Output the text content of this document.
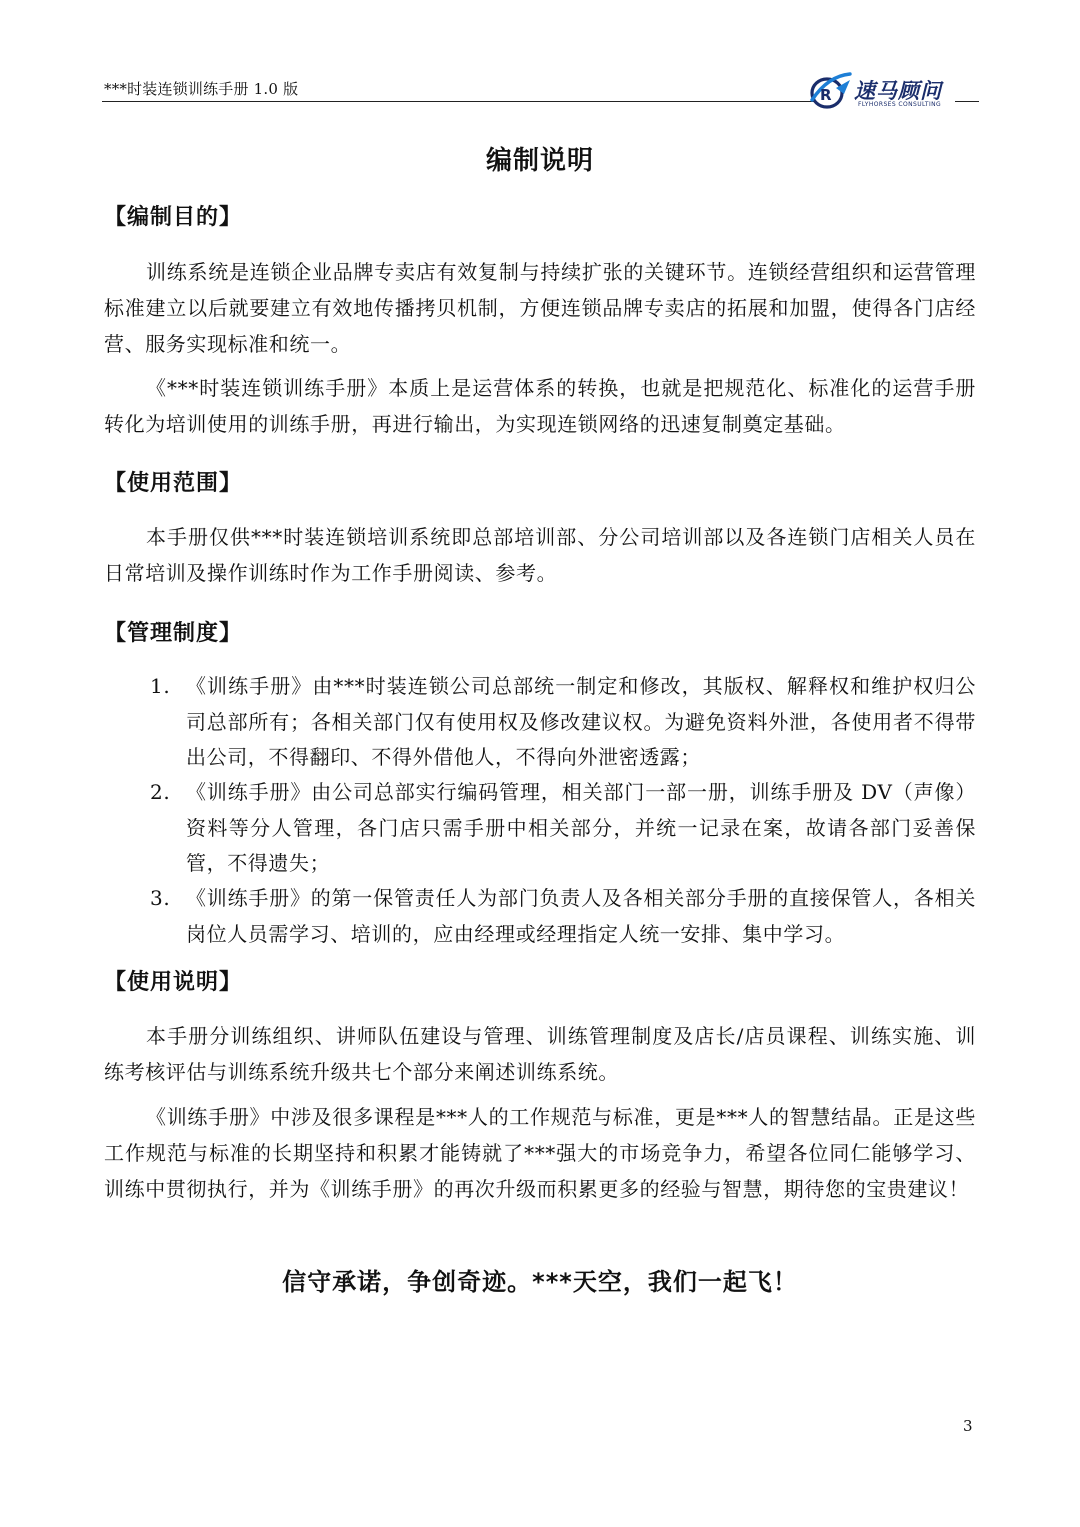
***时装连锁训练手册 1.0 版	R 速马顾问
FLYHORSES CONSULTING
编制说明
【编制目的】
训练系统是连锁企业品牌专卖店有效复制与持续扩张的关键环节。连锁经营组织和运营管理标准建立以后就要建立有效地传播拷贝机制，方便连锁品牌专卖店的拓展和加盟，使得各门店经营、服务实现标准和统一。
《***时装连锁训练手册》本质上是运营体系的转换，也就是把规范化、标准化的运营手册转化为培训使用的训练手册，再进行输出，为实现连锁网络的迅速复制奠定基础。
【使用范围】
本手册仅供***时装连锁培训系统即总部培训部、分公司培训部以及各连锁门店相关人员在日常培训及操作训练时作为工作手册阅读、参考。
【管理制度】
1. 《训练手册》由***时装连锁公司总部统一制定和修改，其版权、解释权和维护权归公司总部所有；各相关部门仅有使用权及修改建议权。为避免资料外泄，各使用者不得带出公司，不得翻印、不得外借他人，不得向外泄密透露；
2. 《训练手册》由公司总部实行编码管理，相关部门一部一册，训练手册及 DV（声像）资料等分人管理，各门店只需手册中相关部分，并统一记录在案，故请各部门妥善保管，不得遗失；
3. 《训练手册》的第一保管责任人为部门负责人及各相关部分手册的直接保管人，各相关岗位人员需学习、培训的，应由经理或经理指定人统一安排、集中学习。
【使用说明】
本手册分训练组织、讲师队伍建设与管理、训练管理制度及店长/店员课程、训练实施、训练考核评估与训练系统升级共七个部分来阐述训练系统。
《训练手册》中涉及很多课程是***人的工作规范与标准，更是***人的智慧结晶。正是这些工作规范与标准的长期坚持和积累才能铸就了***强大的市场竞争力，希望各位同仁能够学习、训练中贯彻执行，并为《训练手册》的再次升级而积累更多的经验与智慧，期待您的宝贵建议！
信守承诺，争创奇迹。***天空，我们一起飞！
3
